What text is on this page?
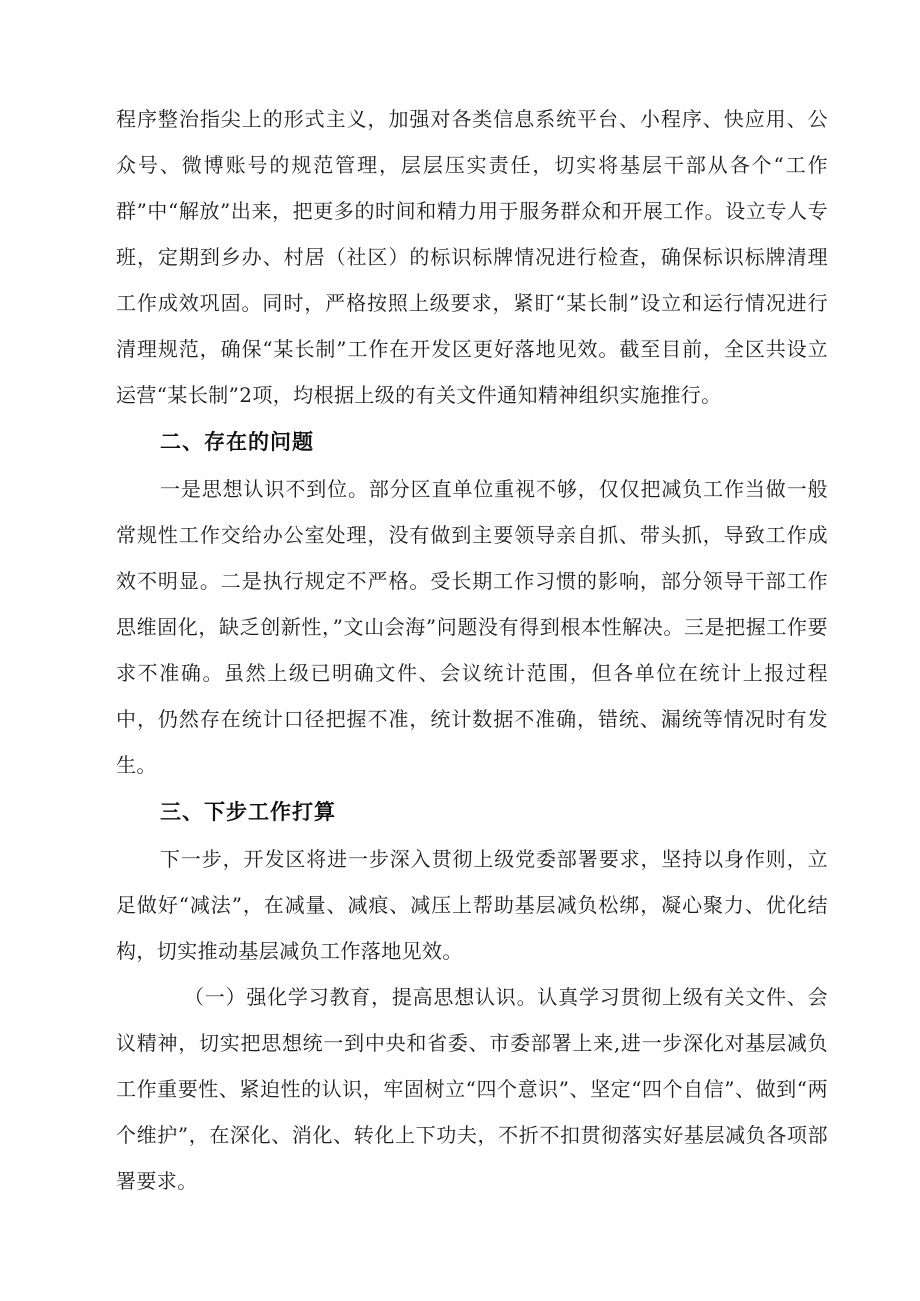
程序整治指尖上的形式主义，加强对各类信息系统平台、小程序、快应用、公众号、微博账号的规范管理，层层压实责任，切实将基层干部从各个“工作群”中“解放”出来，把更多的时间和精力用于服务群众和开展工作。设立专人专班，定期到乡办、村居（社区）的标识标牌情况进行检查，确保标识标牌清理工作成效巩固。同时，严格按照上级要求，紧盯“某长制”设立和运行情况进行清理规范，确保“某长制”工作在开发区更好落地见效。截至目前，全区共设立运营“某长制”2项，均根据上级的有关文件通知精神组织实施推行。

二、存在的问题

一是思想认识不到位。部分区直单位重视不够，仅仅把减负工作当做一般常规性工作交给办公室处理，没有做到主要领导亲自抓、带头抓，导致工作成效不明显。二是执行规定不严格。受长期工作习惯的影响，部分领导干部工作思维固化，缺乏创新性，”文山会海”问题没有得到根本性解决。三是把握工作要求不准确。虽然上级已明确文件、会议统计范围，但各单位在统计上报过程中，仍然存在统计口径把握不准，统计数据不准确，错统、漏统等情况时有发生。

三、下步工作打算

下一步，开发区将进一步深入贯彻上级党委部署要求，坚持以身作则，立足做好“减法”，在减量、减痕、减压上帮助基层减负松绑，凝心聚力、优化结构，切实推动基层减负工作落地见效。

（一）强化学习教育，提高思想认识。认真学习贯彻上级有关文件、会议精神，切实把思想统一到中央和省委、市委部署上来,进一步深化对基层减负工作重要性、紧迫性的认识，牢固树立“四个意识”、坚定“四个自信”、做到“两个维护”，在深化、消化、转化上下功夫，不折不扣贯彻落实好基层减负各项部署要求。
